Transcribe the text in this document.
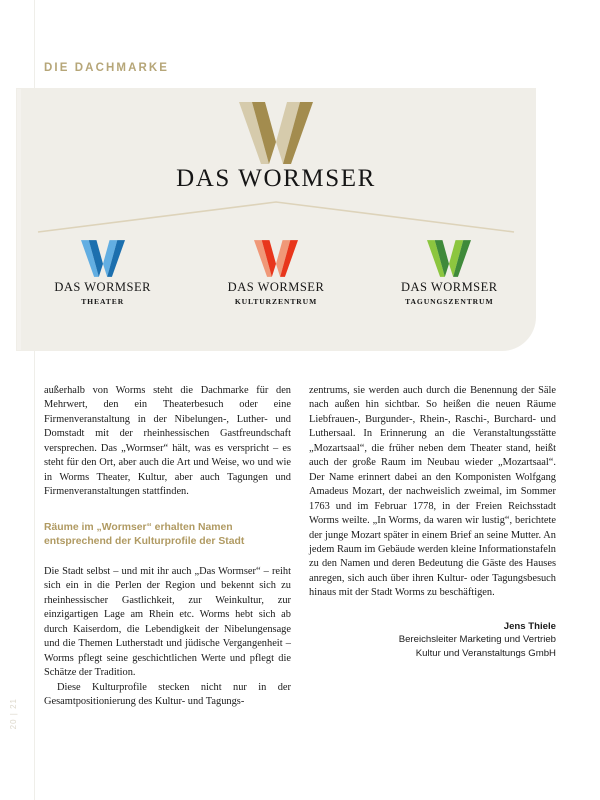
DIE DACHMARKE
DAS WORMSER
DAS WORMSER
THEATER
DAS WORMSER
KULTURZENTRUM
DAS WORMSER
TAGUNGSZENTRUM

außerhalb von Worms steht die Dachmarke für den Mehrwert, den ein Theaterbesuch oder eine Firmenveranstaltung in der Nibelungen-, Luther- und Domstadt mit der rheinhessischen Gastfreundschaft versprechen. Das „Wormser“ hält, was es verspricht – es steht für den Ort, aber auch die Art und Weise, wo und wie in Worms Theater, Kultur, aber auch Tagungen und Firmenveranstaltungen stattfinden.

Räume im „Wormser“ erhalten Namen entsprechend der Kulturprofile der Stadt

Die Stadt selbst – und mit ihr auch „Das Wormser“ – reiht sich ein in die Perlen der Region und bekennt sich zu rheinhessischer Gastlichkeit, zur Weinkultur, zur einzigartigen Lage am Rhein etc. Worms hebt sich ab durch Kaiserdom, die Lebendigkeit der Nibelungensage und die Themen Lutherstadt und jüdische Vergangenheit – Worms pflegt seine geschichtlichen Werte und pflegt die Schätze der Tradition.

Diese Kulturprofile stecken nicht nur in der Gesamtpositionierung des Kultur- und Tagungs-

zentrums, sie werden auch durch die Benennung der Säle nach außen hin sichtbar. So heißen die neuen Räume Liebfrauen-, Burgunder-, Rhein-, Raschi-, Burchard- und Luthersaal. In Erinnerung an die Veranstaltungsstätte „Mozartsaal“, die früher neben dem Theater stand, heißt auch der große Raum im Neubau wieder „Mozartsaal“. Der Name erinnert dabei an den Komponisten Wolfgang Amadeus Mozart, der nachweislich zweimal, im Sommer 1763 und im Februar 1778, in der Freien Reichsstadt Worms weilte. „In Worms, da waren wir lustig“, berichtete der junge Mozart später in einem Brief an seine Mutter. An jedem Raum im Gebäude werden kleine Informationstafeln zu den Namen und deren Bedeutung die Gäste des Hauses anregen, sich auch über ihren Kultur- oder Tagungsbesuch hinaus mit der Stadt Worms zu beschäftigen.

Jens Thiele
Bereichsleiter Marketing und Vertrieb
Kultur und Veranstaltungs GmbH
20 | 21
